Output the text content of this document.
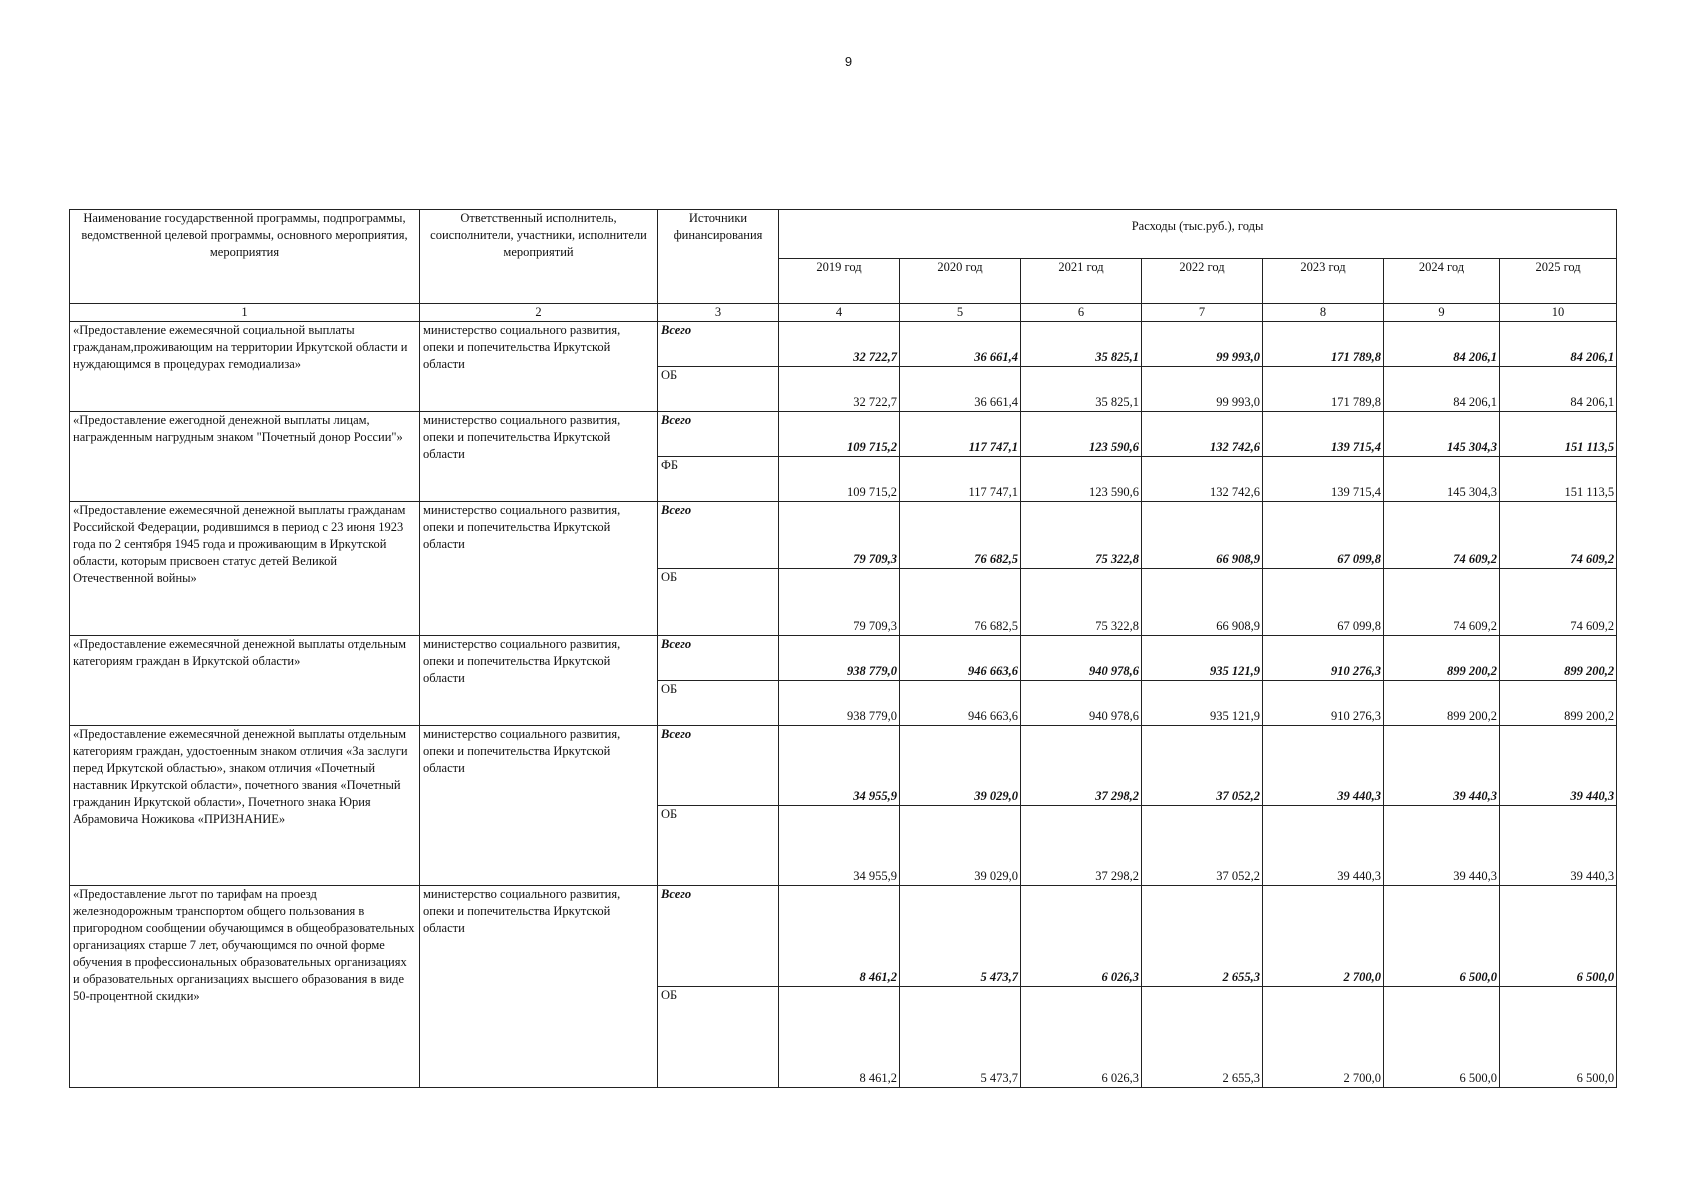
9
Наименование государственной программы, подпрограммы, ведомственной целевой программы, основного мероприятия, мероприятия	Ответственный исполнитель, соисполнители, участники, исполнители мероприятий	Источники финансирования	Расходы (тыс.руб.), годы						
			2019 год	2020 год	2021 год	2022 год	2023 год	2024 год	2025 год
1	2	3	4	5	6	7	8	9	10
«Предоставление ежемесячной социальной выплаты гражданам,проживающим на территории Иркутской области и нуждающимся в процедурах гемодиализа»	министерство социального развития, опеки и попечительства Иркутской области	Всего	32 722,7	36 661,4	35 825,1	99 993,0	171 789,8	84 206,1	84 206,1
		ОБ	32 722,7	36 661,4	35 825,1	99 993,0	171 789,8	84 206,1	84 206,1
«Предоставление ежегодной денежной выплаты лицам, награжденным нагрудным знаком "Почетный донор России"»	министерство социального развития, опеки и попечительства Иркутской области	Всего	109 715,2	117 747,1	123 590,6	132 742,6	139 715,4	145 304,3	151 113,5
		ФБ	109 715,2	117 747,1	123 590,6	132 742,6	139 715,4	145 304,3	151 113,5
«Предоставление ежемесячной денежной выплаты гражданам Российской Федерации, родившимся в период с 23 июня 1923 года по 2 сентября 1945 года и проживающим в Иркутской области, которым присвоен статус детей Великой Отечественной войны»	министерство социального развития, опеки и попечительства Иркутской области	Всего	79 709,3	76 682,5	75 322,8	66 908,9	67 099,8	74 609,2	74 609,2
		ОБ	79 709,3	76 682,5	75 322,8	66 908,9	67 099,8	74 609,2	74 609,2
«Предоставление ежемесячной денежной выплаты отдельным категориям граждан в Иркутской области»	министерство социального развития, опеки и попечительства Иркутской области	Всего	938 779,0	946 663,6	940 978,6	935 121,9	910 276,3	899 200,2	899 200,2
		ОБ	938 779,0	946 663,6	940 978,6	935 121,9	910 276,3	899 200,2	899 200,2
«Предоставление ежемесячной денежной выплаты отдельным категориям граждан, удостоенным знаком отличия «За заслуги перед Иркутской областью», знаком отличия «Почетный наставник Иркутской области», почетного звания «Почетный гражданин Иркутской области», Почетного знака Юрия Абрамовича Ножикова «ПРИЗНАНИЕ»	министерство социального развития, опеки и попечительства Иркутской области	Всего	34 955,9	39 029,0	37 298,2	37 052,2	39 440,3	39 440,3	39 440,3
		ОБ	34 955,9	39 029,0	37 298,2	37 052,2	39 440,3	39 440,3	39 440,3
«Предоставление льгот по тарифам на проезд железнодорожным транспортом общего пользования в пригородном сообщении обучающимся в общеобразовательных организациях старше 7 лет, обучающимся по очной форме обучения в профессиональных образовательных организациях и образовательных организациях высшего образования в виде 50-процентной скидки»	министерство социального развития, опеки и попечительства Иркутской области	Всего	8 461,2	5 473,7	6 026,3	2 655,3	2 700,0	6 500,0	6 500,0
		ОБ	8 461,2	5 473,7	6 026,3	2 655,3	2 700,0	6 500,0	6 500,0
